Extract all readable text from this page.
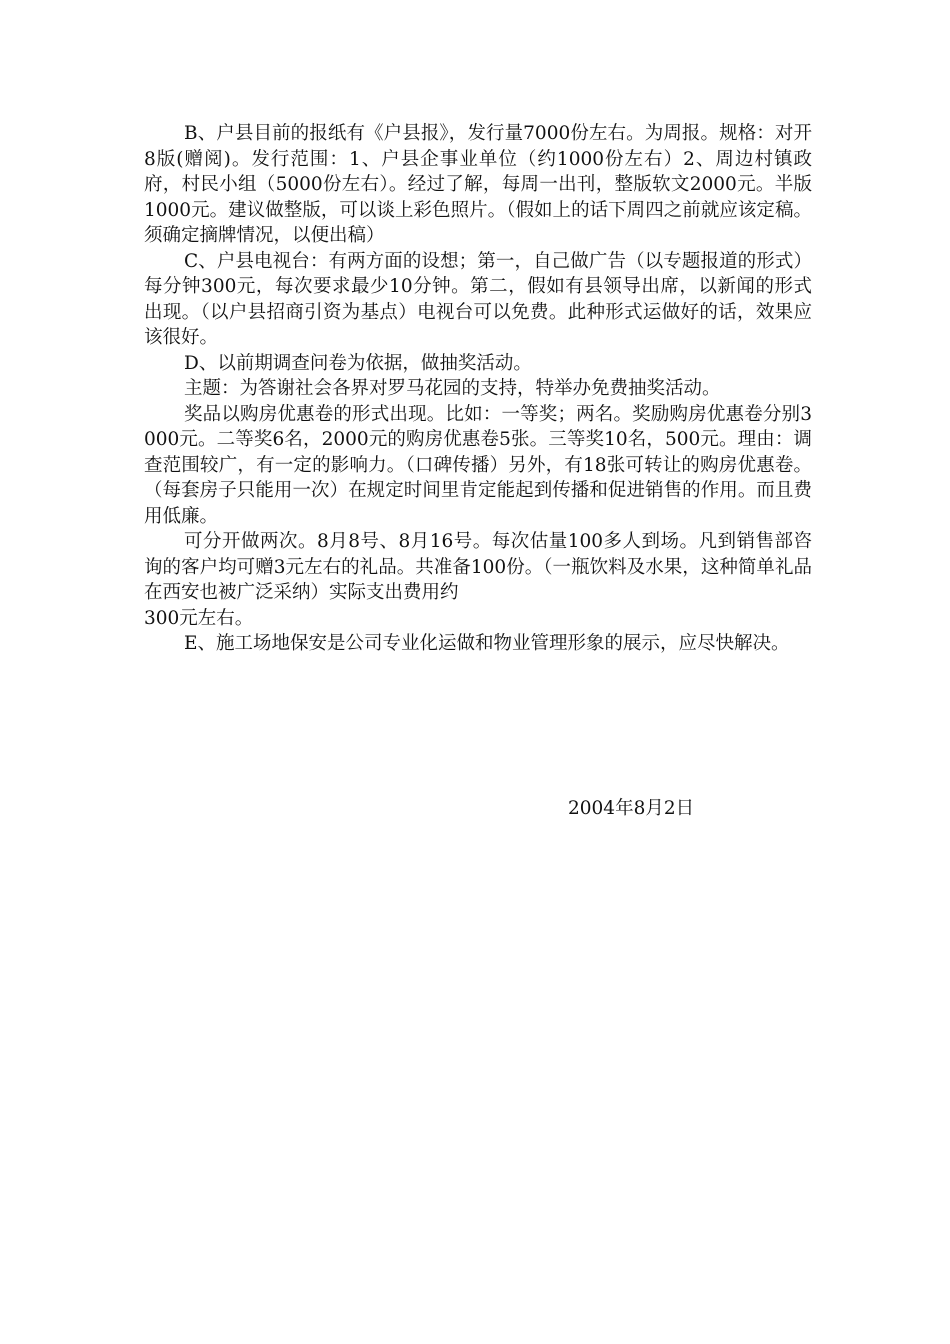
B、户县目前的报纸有《户县报》，发行量7000份左右。为周报。规格：对开8版(赠阅)。发行范围：1、户县企事业单位（约1000份左右）2、周边村镇政府，村民小组（5000份左右）。经过了解，每周一出刊，整版软文2000元。半版1000元。建议做整版，可以谈上彩色照片。（假如上的话下周四之前就应该定稿。须确定摘牌情况，以便出稿）

C、户县电视台：有两方面的设想；第一，自己做广告（以专题报道的形式）每分钟300元，每次要求最少10分钟。第二，假如有县领导出席，以新闻的形式出现。（以户县招商引资为基点）电视台可以免费。此种形式运做好的话，效果应该很好。

D、以前期调查问卷为依据，做抽奖活动。

主题：为答谢社会各界对罗马花园的支持，特举办免费抽奖活动。

奖品以购房优惠卷的形式出现。比如：一等奖；两名。奖励购房优惠卷分别3000元。二等奖6名，2000元的购房优惠卷5张。三等奖10名，500元。理由：调查范围较广，有一定的影响力。（口碑传播）另外，有18张可转让的购房优惠卷。（每套房子只能用一次）在规定时间里肯定能起到传播和促进销售的作用。而且费用低廉。

可分开做两次。8月8号、8月16号。每次估量100多人到场。凡到销售部咨询的客户均可赠3元左右的礼品。共准备100份。（一瓶饮料及水果，这种简单礼品在西安也被广泛采纳）实际支出费用约

300元左右。

E、施工场地保安是公司专业化运做和物业管理形象的展示，应尽快解决。

2004年8月2日
